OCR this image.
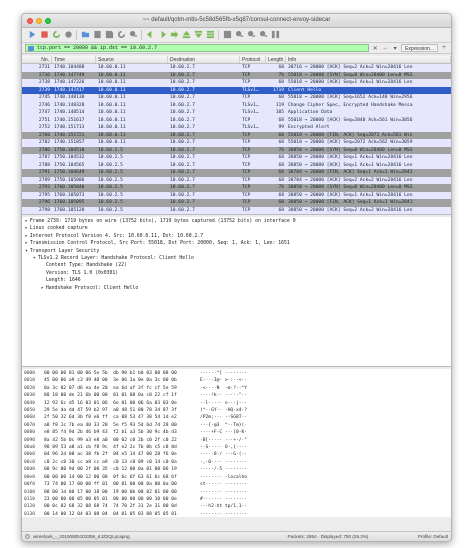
~~ default/qotm-mtls-5c58d565fb-x5q87/consul-connect-envoy-sidecar
tcp.port == 20000 && ip.dst == 10.60.2.7	✕ → ▾	Expression...	+
No.	Time	Source	Destination	Protocol	Length Info
2731 1740.104488	10.60.0.11	10.60.2.7	TCP	68 38716 → 20000 [ACK] Seq=2 Ack=2 Win=28416 Len
2736 1740.147749	10.60.0.11	10.60.2.7	TCP	76 55018 → 20000 [SYN] Seq=0 Win=28400 Len=0 MSS
2738 1740.147326	10.60.0.11	10.60.2.7	TCP	68 55018 → 20000 [ACK] Seq=1 Ack=1 Win=28416 Len
2739 1740.147417	10.60.0.11	10.60.2.7	TLSv1…	1719 Client Hello
2745 1740.148130	10.60.0.11	10.60.2.7	TCP	68 55018 → 20000 [ACK] Seq=1652 Ack=148 Win=2956
2746 1740.148328	10.60.0.11	10.60.2.7	TLSv1…	119 Change Cipher Spec, Encrypted Handshake Messa
2747 1740.148514	10.60.0.11	10.60.2.7	TLSv1…	105 Application Data
2751 1740.151617	10.60.0.11	10.60.2.7	TCP	68 55018 → 20000 [ACK] Seq=2040 Ack=561 Win=3056
2752 1740.151713	10.60.0.11	10.60.2.7	TLSv1…	99 Encrypted Alert
2760 1740.151721	10.60.0.11	10.60.2.7	TCP	68 55018 → 20000 [FIN, ACK] Seq=2071 Ack=561 Win
2782 1740.151857	10.60.0.11	10.60.2.7	TCP	68 55018 → 20000 [ACK] Seq=2072 Ack=562 Win=3059
2786 1750.104510	10.60.2.5	10.60.2.7	TCP	76 38850 → 20000 [SYN] Seq=0 Win=28400 Len=0 MSS
2787 1750.104532	10.60.2.5	10.60.2.7	TCP	68 38850 → 20000 [ACK] Seq=1 Ack=1 Win=28416 Len
2788 1750.104565	10.60.2.5	10.60.2.7	TCP	68 38850 → 20000 [ACK] Seq=1 Ack=1 Win=28416 Len
2791 1750.104649	10.60.2.5	10.60.2.7	TCP	68 38784 → 20000 [FIN, ACK] Seq=1 Ack=1 Win=2841
2789 1750.105006	10.60.2.5	10.60.2.7	TCP	68 38784 → 20000 [ACK] Seq=2 Ack=2 Win=28416 Len
2793 1760.105040	10.60.2.5	10.60.2.7	TCP	76 38850 → 20000 [SYN] Seq=0 Win=28400 Len=0 MSS
2795 1760.105073	10.60.2.5	10.60.2.7	TCP	68 38850 → 20000 [ACK] Seq=1 Ack=1 Win=28416 Len
2796 1760.105095	10.60.2.5	10.60.2.7	TCP	68 38850 → 20000 [FIN, ACK] Seq=1 Ack=1 Win=2841
2798 1760.105120	10.60.2.5	10.60.2.7	TCP	68 38850 → 20000 [ACK] Seq=2 Ack=2 Win=28416 Len
▸ Frame 2739: 1719 bytes on wire (13752 bits), 1719 bytes captured (13752 bits) on interface 0
▸ Linux cooked capture
▸ Internet Protocol Version 4, Src: 10.60.0.11, Dst: 10.60.2.7
▸ Transmission Control Protocol, Src Port: 55018, Dst Port: 20000, Seq: 1, Ack: 1, Len: 1651
▾ Transport Layer Security
▾ TLSv1.2 Record Layer: Handshake Protocol: Client Hello
Content Type: Handshake (22)
Version: TLS 1.0 (0x0301)
Length: 1646
▸ Handshake Protocol: Client Hello
0000	00 00 00 01 00 06 5e 5b  db 90 b1 b0 03 00 08 00	······^[ ········
0010	45 00 06 a9 c3 49 40 00  3e 06 3a 0e 0a 3c 00 0b	E····I@· >·:··<··
0020	0a 3c 02 07 d6 ea 4e 20  ea 6d af 3f fc cf 5e 59	·<····N  ·m·?··^Y
0030	80 18 00 de 21 6b 00 00  01 01 08 0a c8 22 cf 1f	····!k·· ·····"··
0040	12 92 6c d5 16 03 01 06  6e 01 00 06 6a 03 03 0e	··l····· n···j···
0050	29 5e da dd 47 59 b2 97  a0 48 51 80 78 34 87 3f	)^··GY·· ·HQ·x4·?
0060	2f 50 32 6d 3b f0 e6 ff  ca 08 53 47 38 54 1d e2	/P2m;··· ··SG8T··
0070	a8 f8 1c 7b ea 40 33 20  5e f5 93 54 6d 7d 28 00	···{·@3  ^··Tm}(·
0080	e8 85 f4 9d 2b 46 b9 43  f2 b1 a3 5b 30 9c 4b d3	····+F·C ···[0·K·
0090	8a 42 5b 0c 99 a3 e8 a0  00 02 c0 2b c0 2f c0 22	·B[····· ···+·/·"
00a0	98 89 53 a8 a1 cb f8 9c  4f e2 2c 7b 0b c5 c8 8d	··S····· O·,{····
00b0	04 96 2d 00 ac 38 fb 2f  04 e5 14 47 00 28 f6 0e	··-··8·/ ···G·(··
00c0	c0 2c c0 30 cc a8 cc a9  c0 13 c0 09 c0 14 c0 0a	·,·0···· ········
00d0	00 9c 00 9d 00 2f 00 35  c0 12 00 0a 01 00 06 19	·····/·5 ········
00e0	00 00 00 14 00 12 00 00  0f 6c 6f 63 61 6c 68 6f	········ ·localho
00f0	73 74 00 17 00 00 ff 01  00 01 00 00 0a 00 0a 00	st······ ········
0100	08 00 1d 00 17 00 18 00  19 00 0b 00 02 01 00 00	········ ········
0110	23 00 00 00 05 00 05 01  00 00 00 00 00 10 00 0e	#······· ········
0120	00 0c 02 68 32 08 68 74  74 70 2f 31 2e 31 00 0d	···h2·ht tp/1.1··
0130	00 14 00 12 04 03 08 04  04 01 05 03 08 05 05 01	········ ········
wireshark_-_20190805103359_KJZ2QI.pcapng	Packets: 2854 · Displayed: 750 (26.3%)	Profile: Default
